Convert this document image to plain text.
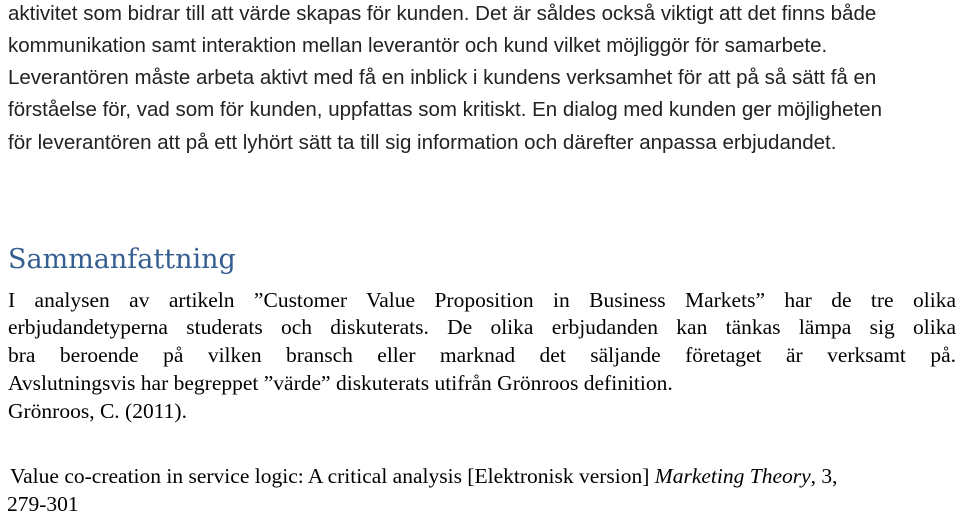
aktivitet som bidrar till att värde skapas för kunden. Det är såldes också viktigt att det finns både
kommunikation samt interaktion mellan leverantör och kund vilket möjliggör för samarbete.
Leverantören måste arbeta aktivt med få en inblick i kundens verksamhet för att på så sätt få en
förståelse för, vad som för kunden, uppfattas som kritiskt. En dialog med kunden ger möjligheten
för leverantören att på ett lyhört sätt ta till sig information och därefter anpassa erbjudandet.
Sammanfattning
I analysen av artikeln ”Customer Value Proposition in Business Markets” har de tre olika
erbjudandetyperna studerats och diskuterats. De olika erbjudanden kan tänkas lämpa sig olika
bra beroende på vilken bransch eller marknad det säljande företaget är verksamt på.
Avslutningsvis har begreppet ”värde” diskuterats utifrån Grönroos definition.
Grönroos, C. (2011).
Value co-creation in service logic: A critical analysis [Elektronisk version] Marketing Theory, 3,
279-301
